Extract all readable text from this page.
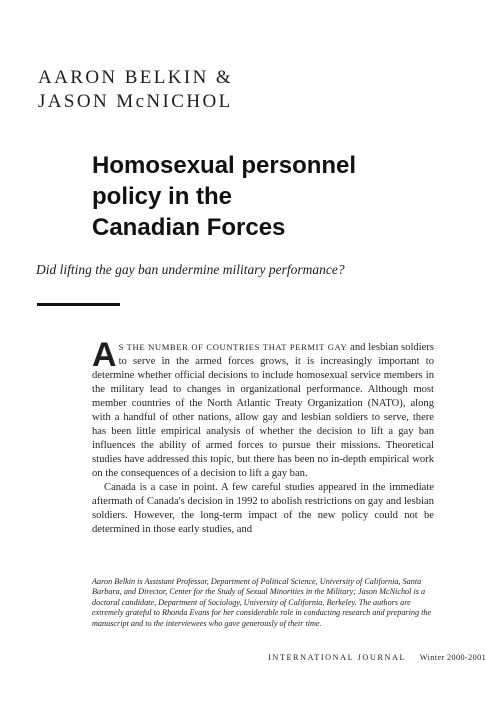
AARON BELKIN &
JASON McNICHOL
Homosexual personnel
policy in the
Canadian Forces
Did lifting the gay ban undermine military performance?

A S THE NUMBER OF COUNTRIES THAT PERMIT GAY and lesbian soldiers to serve in the armed forces grows, it is increasingly important to determine whether official decisions to include homosexual service members in the military lead to changes in organizational performance. Although most member countries of the North Atlantic Treaty Organization (NATO), along with a handful of other nations, allow gay and lesbian soldiers to serve, there has been little empirical analysis of whether the decision to lift a gay ban influences the ability of armed forces to pursue their missions. Theoretical studies have addressed this topic, but there has been no in-depth empirical work on the consequences of a decision to lift a gay ban.

Canada is a case in point. A few careful studies appeared in the immediate aftermath of Canada's decision in 1992 to abolish restrictions on gay and lesbian soldiers. However, the long-term impact of the new policy could not be determined in those early studies, and

Aaron Belkin is Assistant Professor, Department of Political Science, University of California, Santa Barbara, and Director, Center for the Study of Sexual Minorities in the Military; Jason McNichol is a doctoral candidate, Department of Sociology, University of California, Berkeley. The authors are extremely grateful to Rhonda Evans for her considerable role in conducting research and preparing the manuscript and to the interviewees who gave generously of their time.
INTERNATIONAL JOURNAL Winter 2000-2001
